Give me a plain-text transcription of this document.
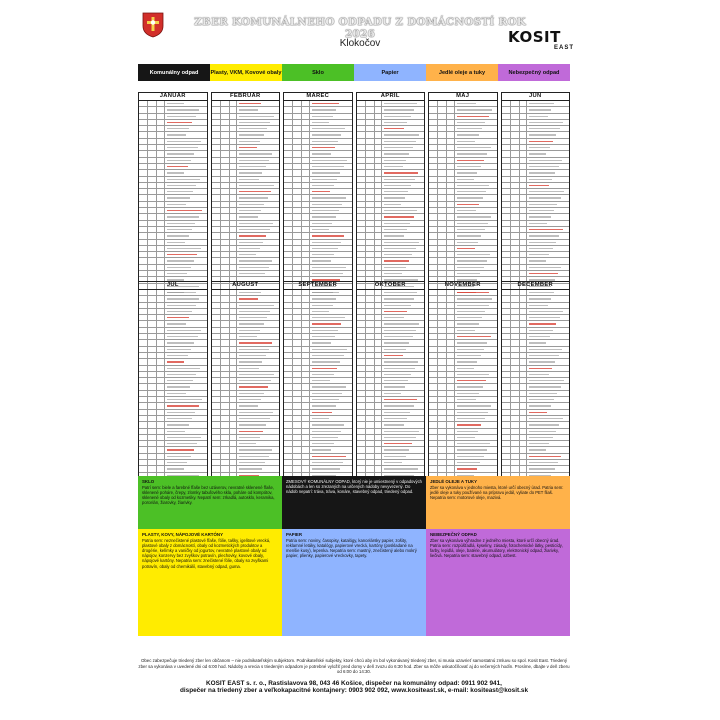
ZBER KOMUNÁLNEHO ODPADU Z DOMÁCNOSTÍ ROK 2026
Klokočov	KOSIT
EAST
Komunálny odpad	Plasty, VKM, Kovové obaly	Sklo	Papier	Jedlé oleje a tuky	Nebezpečný odpad
JANUÁR	FEBRUÁR	MAREC	APRÍL	MÁJ	JÚN
JÚL	AUGUST	SEPTEMBER	OKTÓBER	NOVEMBER	DECEMBER
ZMESOVÝ KOMUNÁLNY ODPAD, ktorý nie je umiestnený v odpadových nádobách a len so zrezaných na určených nádoby nevyvezený. Do nádob nepatrí: tráva, tráva, konáre, stavebný odpad, triedený odpad.
SKLO
Patrí sem: biele a farebné fľaše bez uzáverov, nevratné sklenené fľaše, sklenené poháre, črepy, zlomky tabuľového skla, poháre od kompótov, sklenené obaly od kozmetiky. Nepatrí sem: zrkadlá, autosklo, keramika, porcelán, žiarovky, žiarivky.
JEDLÉ OLEJE A TUKY
Zber sa vykonáva v jednoho miesta, ktoré určí obecný úrad. Patria sem: jedlé oleje a tuky používané na prípravu jedál, vyliate do PET fliaš. Nepatria sem: motorové oleje, mazivá.
PLASTY, KOVY, NÁPOJOVÉ KARTÓNY
Patria sem: neznečistené plastové fľaše, fólie, tašky, igelitové vrecká, plastové obaly z domácností, obaly od kozmetických produktov a drogérie, kelímky a vaničky od jogurtov, nevratné plastové obaly od nápojov, konzervy bez zvyškov potravín, plechovky, kovové obaly, nápojové kartóny. Nepatria sem: znečistené fólie, obaly so zvyškami potravín, obaly od chemikálií, stavebný odpad, guma.
PAPIER
Patria sem: noviny, časopisy, katalógy, kancelársky papier, zošity, reklamné letáky, katalógy, papierové vrecká, kartóny (poskladané na menšie kusy), lepenka. Nepatria sem: mastný, znečistený alebo mokrý papier, plienky, papierové vreckovky, tapety.
NEBEZPEČNÝ ODPAD
Zber sa vykonáva výhradne z jedného miesta, ktoré určí obecný úrad. Patria sem: rozpúšťadlá, kyseliny, zásady, fotochemické látky, pesticídy, farby, lepidlá, oleje, batérie, akumulátory, elektronický odpad, žiarivky, liečivá. Nepatria sem: stavebný odpad, azbest.
Obec zabezpečuje triedený zber len občanom – nie podnikateľským subjektom. Podnikateľské subjekty, ktoré chcú aby im bol vykonávaný triedený zber, si musia uzavrieť samostatnú zmluvu so spol. Kosit East. Triedený zber sa vykonáva v uvedené dni od 6:00 hod. Nádoby a vrecia s triedeným odpadom je potrebné vyložiť pred domy v deň zvozu do 6:30 hod. Zber sa môže uskutočňovať aj do večerných hodín. Prosíme, dbajte v deň zberu od 6:00 do 14:30.
KOSIT EAST s. r. o., Rastislavova 98, 043 46 Košice, dispečer na komunálny odpad: 0911 902 941,
dispečer na triedený zber a veľkokapacitné kontajnery: 0903 902 092, www.kositeast.sk, e-mail: kositeast@kosit.sk
